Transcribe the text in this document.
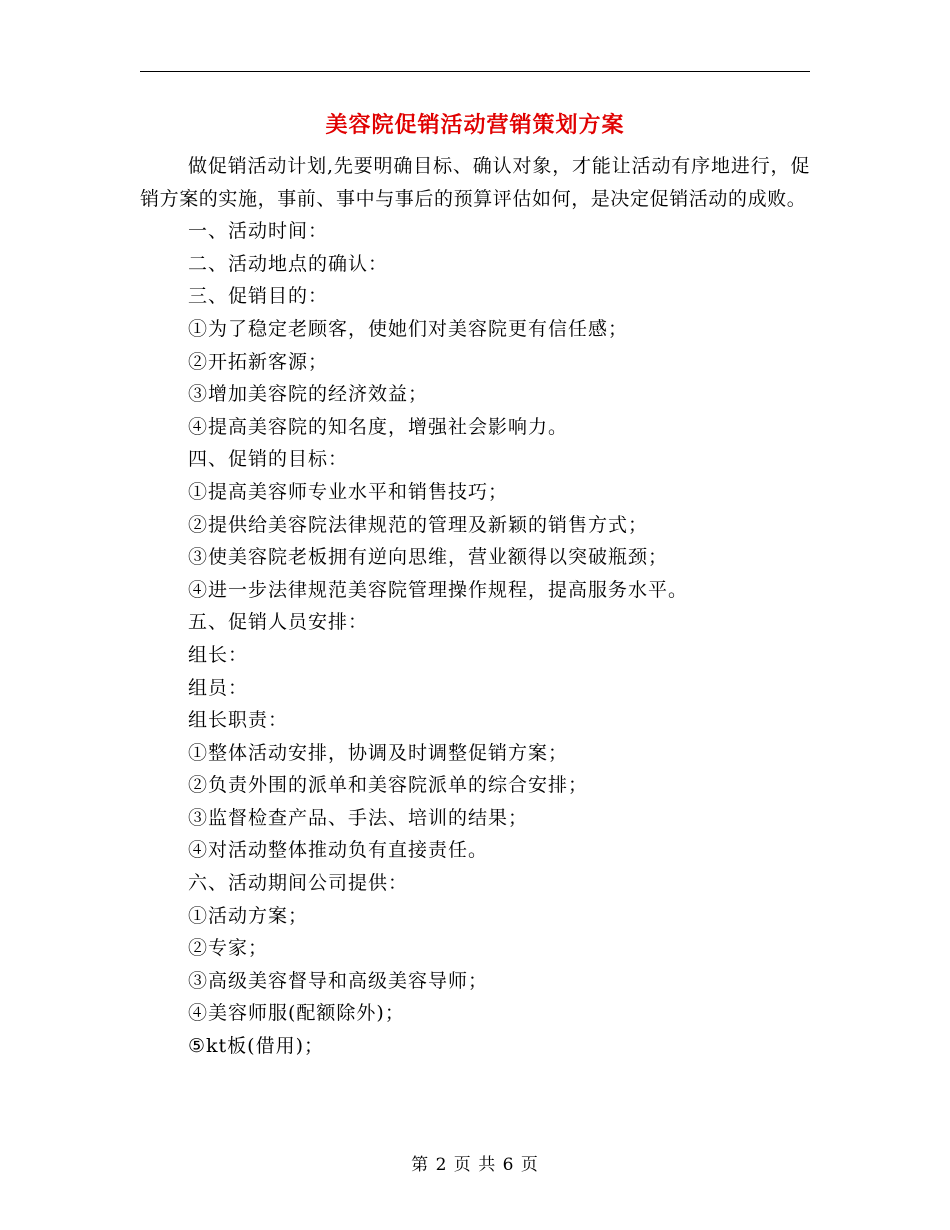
美容院促销活动营销策划方案

做促销活动计划,先要明确目标、确认对象，才能让活动有序地进行，促销方案的实施，事前、事中与事后的预算评估如何，是决定促销活动的成败。

一、活动时间：

二、活动地点的确认：

三、促销目的：

①为了稳定老顾客，使她们对美容院更有信任感；

②开拓新客源；

③增加美容院的经济效益；

④提高美容院的知名度，增强社会影响力。

四、促销的目标：

①提高美容师专业水平和销售技巧；

②提供给美容院法律规范的管理及新颖的销售方式；

③使美容院老板拥有逆向思维，营业额得以突破瓶颈；

④进一步法律规范美容院管理操作规程，提高服务水平。

五、促销人员安排：

组长：

组员：

组长职责：

①整体活动安排，协调及时调整促销方案；

②负责外围的派单和美容院派单的综合安排；

③监督检查产品、手法、培训的结果；

④对活动整体推动负有直接责任。

六、活动期间公司提供：

①活动方案；

②专家；

③高级美容督导和高级美容导师；

④美容师服(配额除外)；

⑤kt板(借用)；

第 2 页 共 6 页
